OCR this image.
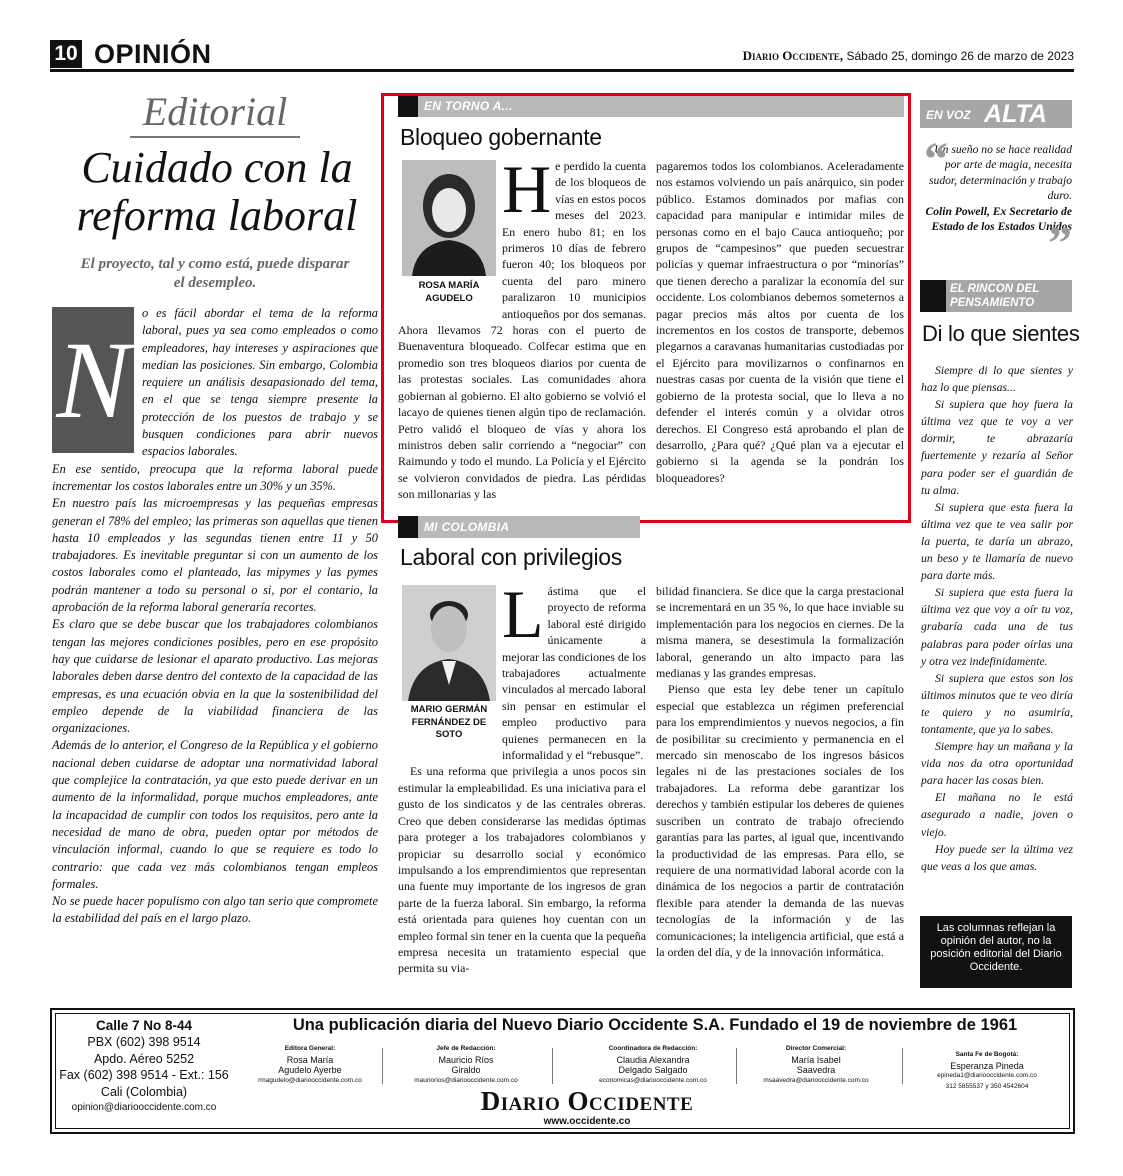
10 OPINIÓN	Diario Occidente, Sábado 25, domingo 26 de marzo de 2023
Editorial
Cuidado con la reforma laboral
El proyecto, tal y como está, puede disparar el desempleo.
N

o es fácil abordar el tema de la reforma laboral, pues ya sea como empleados o como empleadores, hay intereses y aspiraciones que median las posiciones. Sin embargo, Colombia requiere un análisis desapasionado del tema, en el que se tenga siempre presente la protección de los puestos de trabajo y se busquen condiciones para abrir nuevos espacios laborales.

En ese sentido, preocupa que la reforma laboral puede incrementar los costos laborales entre un 30% y un 35%.

En nuestro país las microempresas y las pequeñas empresas generan el 78% del empleo; las primeras son aquellas que tienen hasta 10 empleados y las segundas tienen entre 11 y 50 trabajadores. Es inevitable preguntar si con un aumento de los costos laborales como el planteado, las mipymes y las pymes podrán mantener a todo su personal o si, por el contario, la aprobación de la reforma laboral generaría recortes.

Es claro que se debe buscar que los trabajadores colombianos tengan las mejores condiciones posibles, pero en ese propósito hay que cuidarse de lesionar el aparato productivo. Las mejoras laborales deben darse dentro del contexto de la capacidad de las empresas, es una ecuación obvia en la que la sostenibilidad del empleo depende de la viabilidad financiera de las organizaciones.

Además de lo anterior, el Congreso de la República y el gobierno nacional deben cuidarse de adoptar una normatividad laboral que complejice la contratación, ya que esto puede derivar en un aumento de la informalidad, porque muchos empleadores, ante la incapacidad de cumplir con todos los requisitos, pero ante la necesidad de mano de obra, pueden optar por métodos de vinculación informal, cuando lo que se requiere es todo lo contrario: que cada vez más colombianos tengan empleos formales.

No se puede hacer populismo con algo tan serio que compromete la estabilidad del país en el largo plazo.

EN TORNO A...
Bloqueo gobernante
ROSA MARÍA AGUDELO
H e perdido la cuenta de los bloqueos de vías en estos pocos meses del 2023. En enero hubo 81; en los primeros 10 días de febrero fueron 40; los bloqueos por cuenta del paro minero paralizaron 10 municipios antioqueños por dos semanas. Ahora llevamos 72 horas con el puerto de Buenaventura bloqueado. Colfecar estima que en promedio son tres bloqueos diarios por cuenta de las protestas sociales. Las comunidades ahora gobiernan al gobierno. El alto gobierno se volvió el lacayo de quienes tienen algún tipo de reclamación. Petro validó el bloqueo de vías y ahora los ministros deben salir corriendo a “negociar” con Raimundo y todo el mundo. La Policía y el Ejército se volvieron convidados de piedra. Las pérdidas son millonarias y las
pagaremos todos los colombianos. Aceleradamente nos estamos volviendo un país anárquico, sin poder público. Estamos dominados por mafias con capacidad para manipular e intimidar miles de personas como en el bajo Cauca antioqueño; por grupos de “campesinos” que pueden secuestrar policías y quemar infraestructura o por “minorías” que tienen derecho a paralizar la economía del sur occidente. Los colombianos debemos someternos a pagar precios más altos por cuenta de los incrementos en los costos de transporte, debemos plegarnos a caravanas humanitarias custodiadas por el Ejército para movilizarnos o confinarnos en nuestras casas por cuenta de la visión que tiene el gobierno de la protesta social, que lo lleva a no defender el interés común y a olvidar otros derechos. El Congreso está aprobando el plan de desarrollo, ¿Para qué? ¿Qué plan va a ejecutar el gobierno si la agenda se la pondrán los bloqueadores?
MI COLOMBIA
Laboral con privilegios
MARIO GERMÁN FERNÁNDEZ DE SOTO
L ástima que el proyecto de reforma laboral esté dirigido únicamente a mejorar las condiciones de los trabajadores actualmente vinculados al mercado laboral sin pensar en estimular el empleo productivo para quienes permanecen en la informalidad y el “rebusque”.

Es una reforma que privilegia a unos pocos sin estimular la empleabilidad. Es una iniciativa para el gusto de los sindicatos y de las centrales obreras. Creo que deben considerarse las medidas óptimas para proteger a los trabajadores colombianos y propiciar su desarrollo social y económico impulsando a los emprendimientos que representan una fuente muy importante de los ingresos de gran parte de la fuerza laboral. Sin embargo, la reforma está orientada para quienes hoy cuentan con un empleo formal sin tener en la cuenta que la pequeña empresa necesita un tratamiento especial que permita su via-

bilidad financiera. Se dice que la carga prestacional se incrementará en un 35 %, lo que hace inviable su implementación para los negocios en ciernes. De la misma manera, se desestimula la formalización laboral, generando un alto impacto para las medianas y las grandes empresas.

Pienso que esta ley debe tener un capítulo especial que establezca un régimen preferencial para los emprendimientos y nuevos negocios, a fin de posibilitar su crecimiento y permanencia en el mercado sin menoscabo de los ingresos básicos legales ni de las prestaciones sociales de los trabajadores. La reforma debe garantizar los derechos y también estipular los deberes de quienes suscriben un contrato de trabajo ofreciendo garantías para las partes, al igual que, incentivando la productividad de las empresas. Para ello, se requiere de una normatividad laboral acorde con la dinámica de los negocios a partir de contratación flexible para atender la demanda de las nuevas tecnologías de la información y de las comunicaciones; la inteligencia artificial, que está a la orden del día, y de la innovación informática.

EN VOZ ALTA
“
Un sueño no se hace realidad por arte de magia, necesita sudor, determinación y trabajo duro.
Colin Powell, Ex Secretario de Estado de los Estados Unidos
”
EL RINCON DEL PENSAMIENTO
Di lo que sientes

Siempre di lo que sientes y haz lo que piensas...

Si supiera que hoy fuera la última vez que te voy a ver dormir, te abrazaría fuertemente y rezaría al Señor para poder ser el guardián de tu alma.

Si supiera que esta fuera la última vez que te vea salir por la puerta, te daría un abrazo, un beso y te llamaría de nuevo para darte más.

Si supiera que esta fuera la última vez que voy a oír tu voz, grabaría cada una de tus palabras para poder oírlas una y otra vez indefinidamente.

Si supiera que estos son los últimos minutos que te veo diría te quiero y no asumiría, tontamente, que ya lo sabes.

Siempre hay un mañana y la vida nos da otra oportunidad para hacer las cosas bien.

El mañana no le está asegurado a nadie, joven o viejo.

Hoy puede ser la última vez que veas a los que amas.

Las columnas reflejan la opinión del autor, no la posición editorial del Diario Occidente.
Calle 7 No 8-44
PBX (602) 398 9514
Apdo. Aéreo 5252
Fax (602) 398 9514 - Ext.: 156
Cali (Colombia)
opinion@diariooccidente.com.co
Una publicación diaria del Nuevo Diario Occidente S.A. Fundado el 19 de noviembre de 1961
Editora General:
Rosa María Agudelo Ayerbe
rmagudelo@diariooccidente.com.co
Jefe de Redacción:
Mauricio Ríos Giraldo
mauriorios@diariooccidente.com.co
Coordinadora de Redacción:
Claudia Alexandra Delgado Salgado
economicas@diariooccidente.com.co
Director Comercial:
María Isabel Saavedra
msaavedra@diariooccidente.com.co
Santa Fe de Bogotá:
Esperanza Pineda
epineda1@diariooccidente.com.co
312 5855537 y 350 4542604
Diario Occidente
www.occidente.co
